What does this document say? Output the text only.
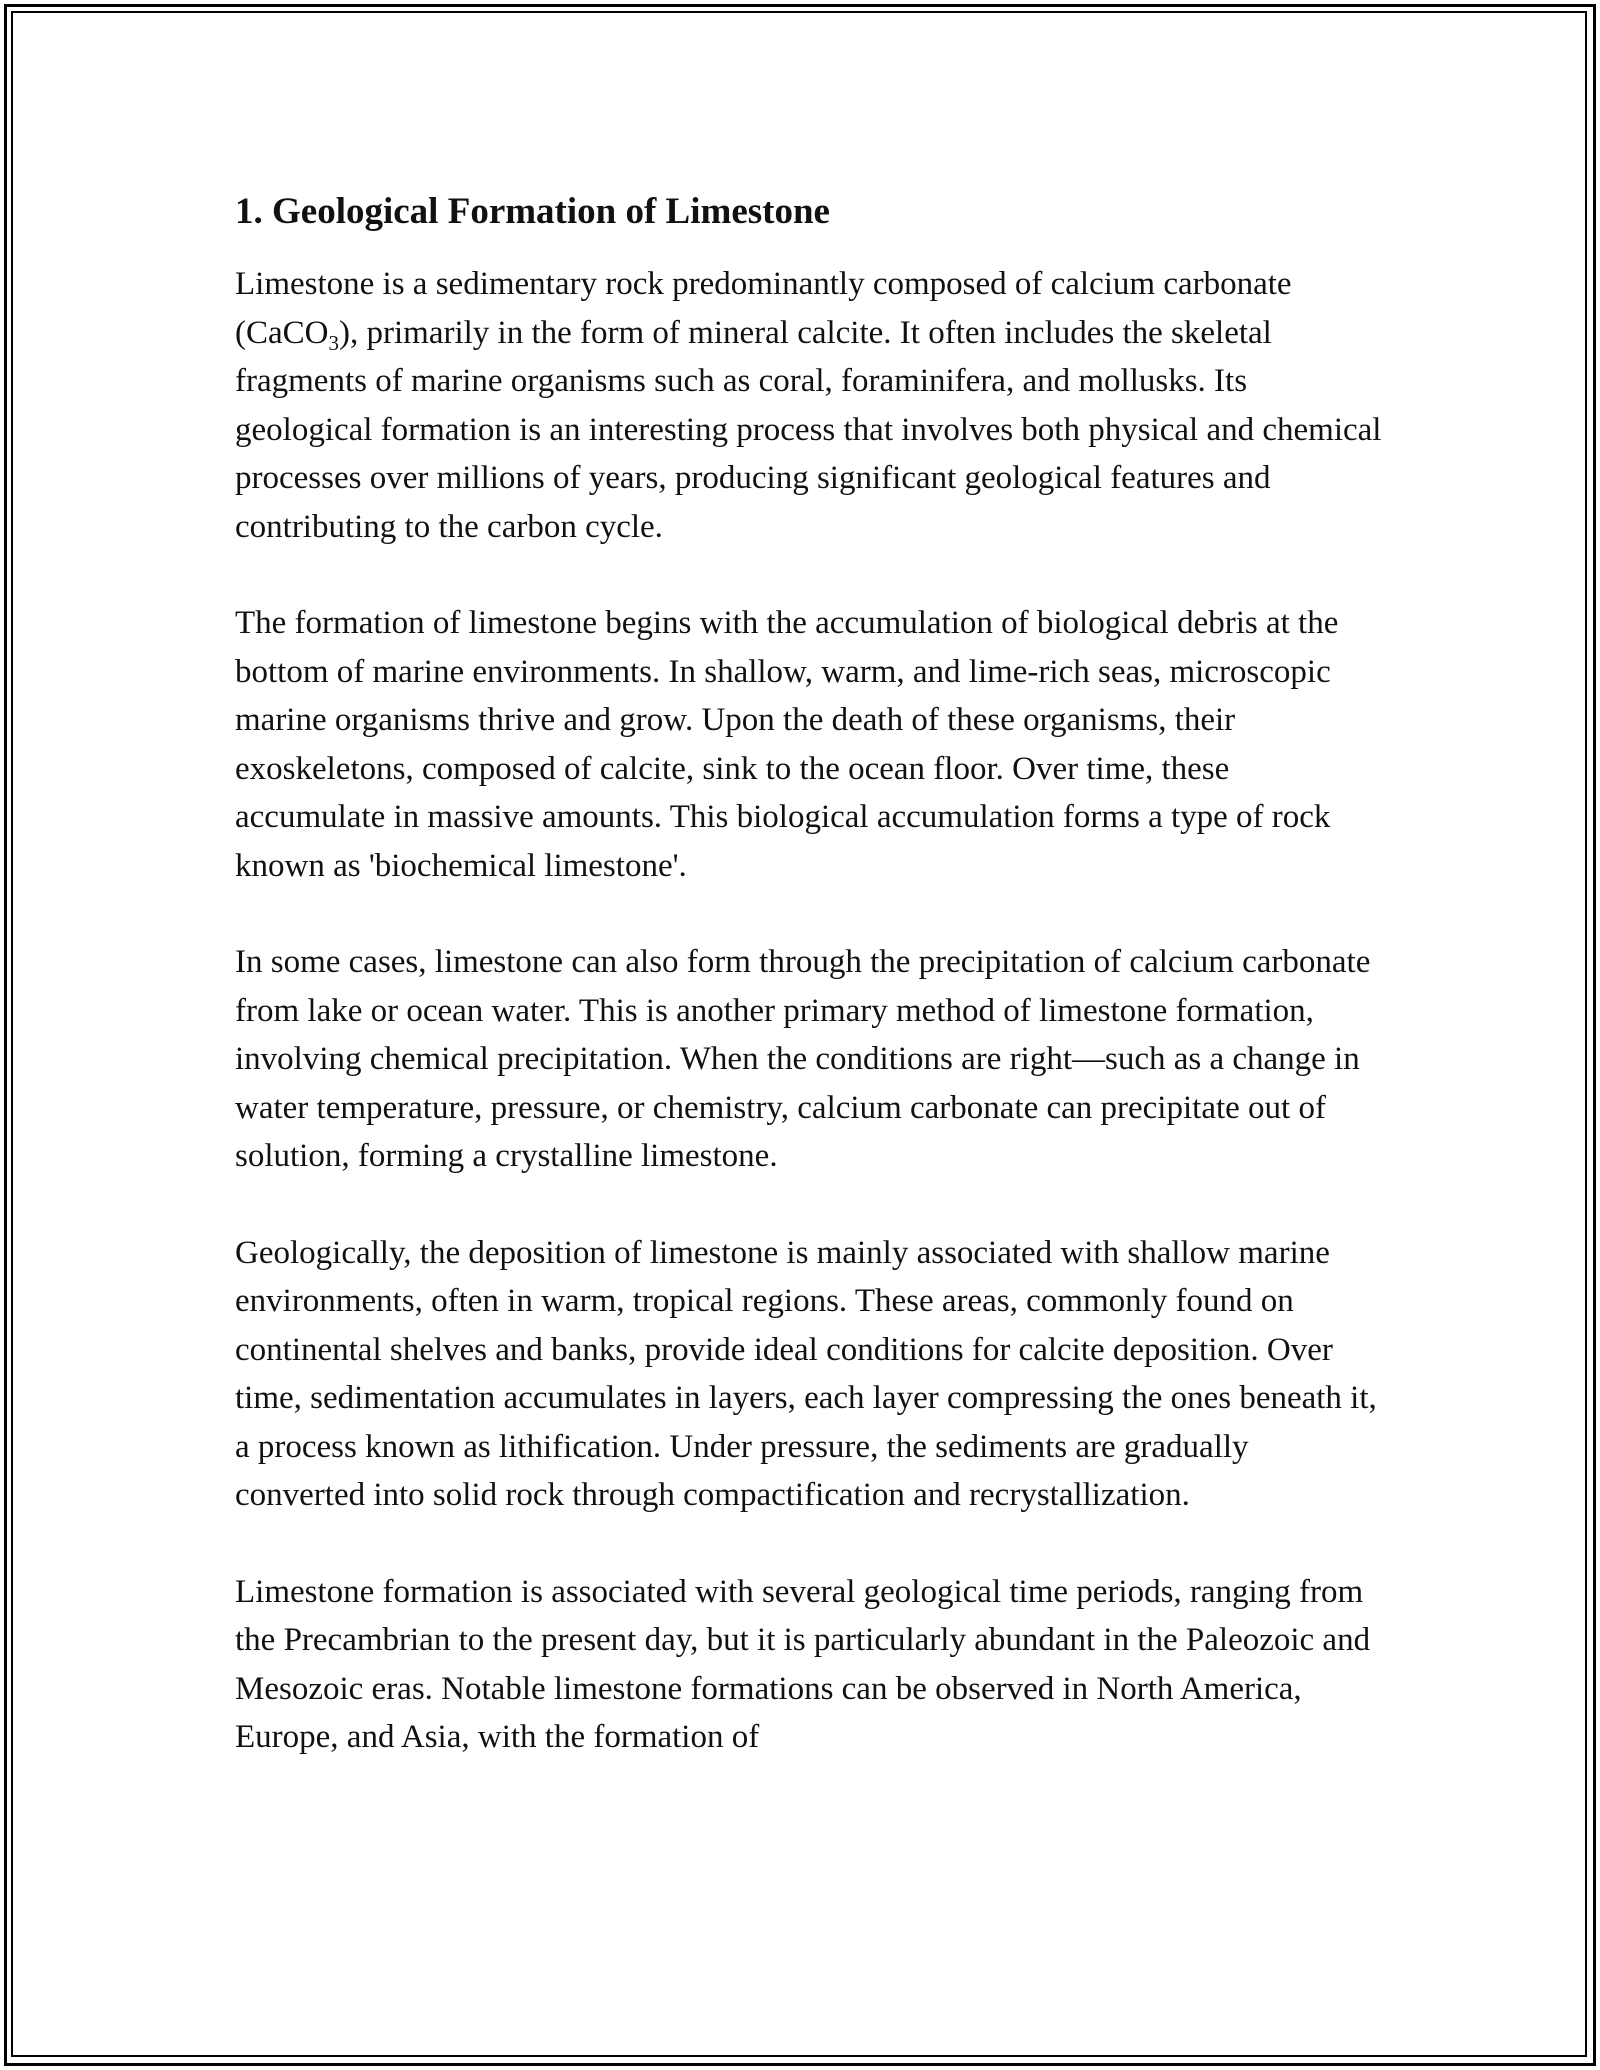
1. Geological Formation of Limestone

Limestone is a sedimentary rock predominantly composed of calcium carbonate (CaCO$_3$), primarily in the form of mineral calcite. It often includes the skeletal fragments of marine organisms such as coral, foraminifera, and mollusks. Its geological formation is an interesting process that involves both physical and chemical processes over millions of years, producing significant geological features and contributing to the carbon cycle.

The formation of limestone begins with the accumulation of biological debris at the bottom of marine environments. In shallow, warm, and lime-rich seas, microscopic marine organisms thrive and grow. Upon the death of these organisms, their exoskeletons, composed of calcite, sink to the ocean floor. Over time, these accumulate in massive amounts. This biological accumulation forms a type of rock known as 'biochemical limestone'.

In some cases, limestone can also form through the precipitation of calcium carbonate from lake or ocean water. This is another primary method of limestone formation, involving chemical precipitation. When the conditions are right—such as a change in water temperature, pressure, or chemistry, calcium carbonate can precipitate out of solution, forming a crystalline limestone.

Geologically, the deposition of limestone is mainly associated with shallow marine environments, often in warm, tropical regions. These areas, commonly found on continental shelves and banks, provide ideal conditions for calcite deposition. Over time, sedimentation accumulates in layers, each layer compressing the ones beneath it, a process known as lithification. Under pressure, the sediments are gradually converted into solid rock through compactification and recrystallization.

Limestone formation is associated with several geological time periods, ranging from the Precambrian to the present day, but it is particularly abundant in the Paleozoic and Mesozoic eras. Notable limestone formations can be observed in North America, Europe, and Asia, with the formation of
